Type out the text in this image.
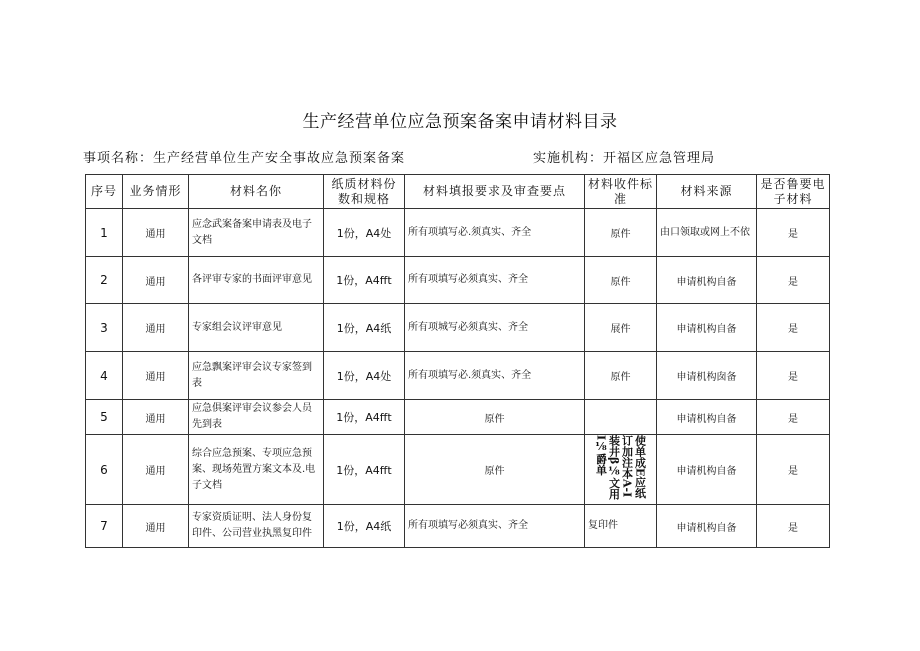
生产经营单位应急预案备案申请材料目录
事项名称：生产经营单位生产安全事故应急预案备案	实施机构：开福区应急管理局
序号	业务情形	材料名你	纸质材料份数和规格	材料填报要求及审查要点	材料收件标准	材料来源	是否鲁要电子材料
1	通用	应念武案备案申请表及电子文档	1份，A4处	所有项填写必.须真实、齐全	原件	由口领取或网上不依	是
2	通用	各评审专家的书面评审意见	1份，A4fft	所有项填写必须真实、齐全	原件	申请机构自备	是
3	通用	专家组会议评审意见	1份，A4纸	所有项城写必须真实、齐全	展件	申请机构自备	是
4	通用	应急飘案评审会议专家签到表	1份，A4处	所有项填写必.须真实、齐全	原件	申请机构囱备	是
5	通用	应急俱案评审会议参会人员先到表	1份，A4fft	原件		申请机构自备	是
6	通用	综合应急预案、专项应急预案、现场苑置方案文本及.电子文档	1份，A4fft	原件	使单成E应纸订加注本A-I装井β⅛文用I⅛爵单	申请机构自备	是
7	通用	专家资质证明、法人身份复印件、公司营业执黑复印件	1份，A4纸	所有项填写必须真实、齐全	复印件	申请机构自备	是
